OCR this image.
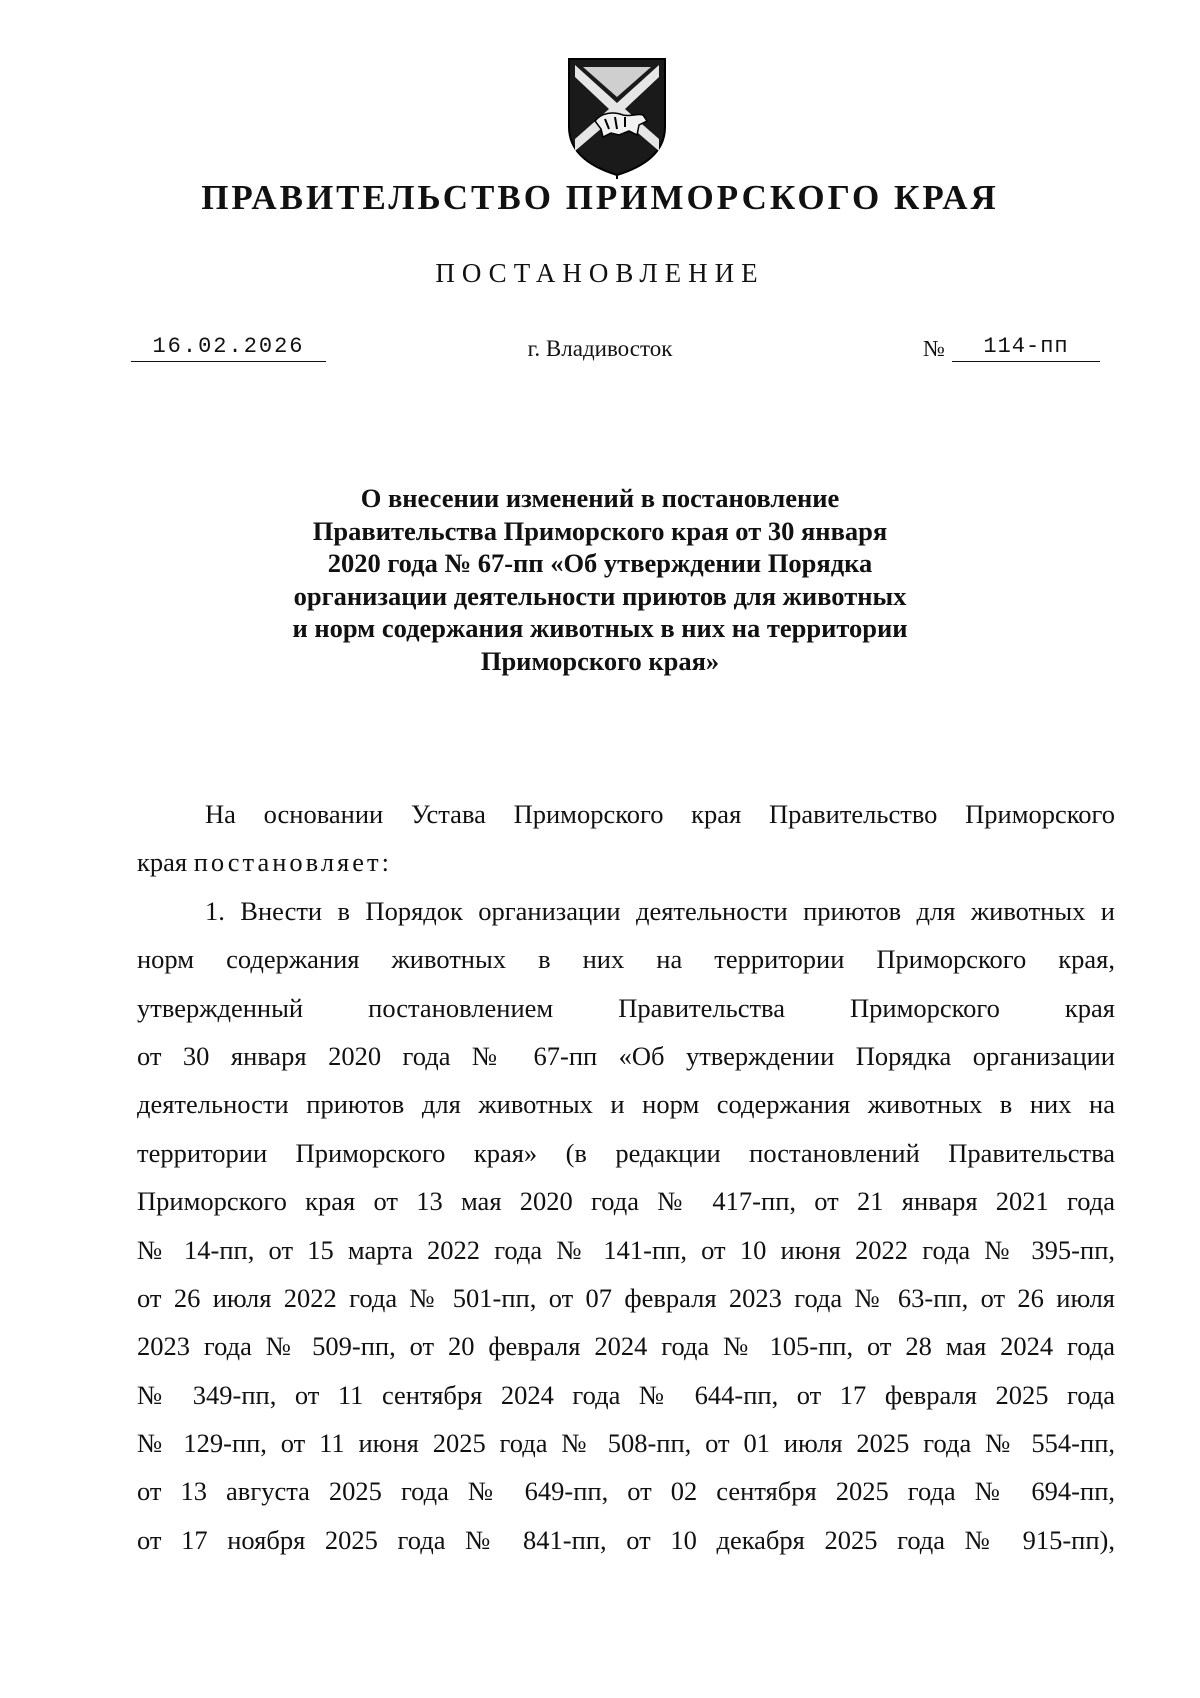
ПРАВИТЕЛЬСТВО ПРИМОРСКОГО КРАЯ
ПОСТАНОВЛЕНИЕ
16.02.2026	г. Владивосток	№	114-пп
О внесении изменений в постановление
Правительства Приморского края от 30 января
2020 года № 67-пп «Об утверждении Порядка
организации деятельности приютов для животных
и норм содержания животных в них на территории
Приморского края»
На основании Устава Приморского края Правительство Приморского
края постановляет:
1. Внести в Порядок организации деятельности приютов для животных и
норм содержания животных в них на территории Приморского края,
утвержденный постановлением Правительства Приморского края
от 30 января 2020 года № 67-пп «Об утверждении Порядка организации
деятельности приютов для животных и норм содержания животных в них на
территории Приморского края» (в редакции постановлений Правительства
Приморского края от 13 мая 2020 года № 417-пп, от 21 января 2021 года
№ 14-пп, от 15 марта 2022 года № 141-пп, от 10 июня 2022 года № 395-пп,
от 26 июля 2022 года № 501-пп, от 07 февраля 2023 года № 63-пп, от 26 июля
2023 года № 509-пп, от 20 февраля 2024 года № 105-пп, от 28 мая 2024 года
№ 349-пп, от 11 сентября 2024 года № 644-пп, от 17 февраля 2025 года
№ 129-пп, от 11 июня 2025 года № 508-пп, от 01 июля 2025 года № 554-пп,
от 13 августа 2025 года № 649-пп, от 02 сентября 2025 года № 694-пп,
от 17 ноября 2025 года № 841-пп, от 10 декабря 2025 года № 915-пп),
